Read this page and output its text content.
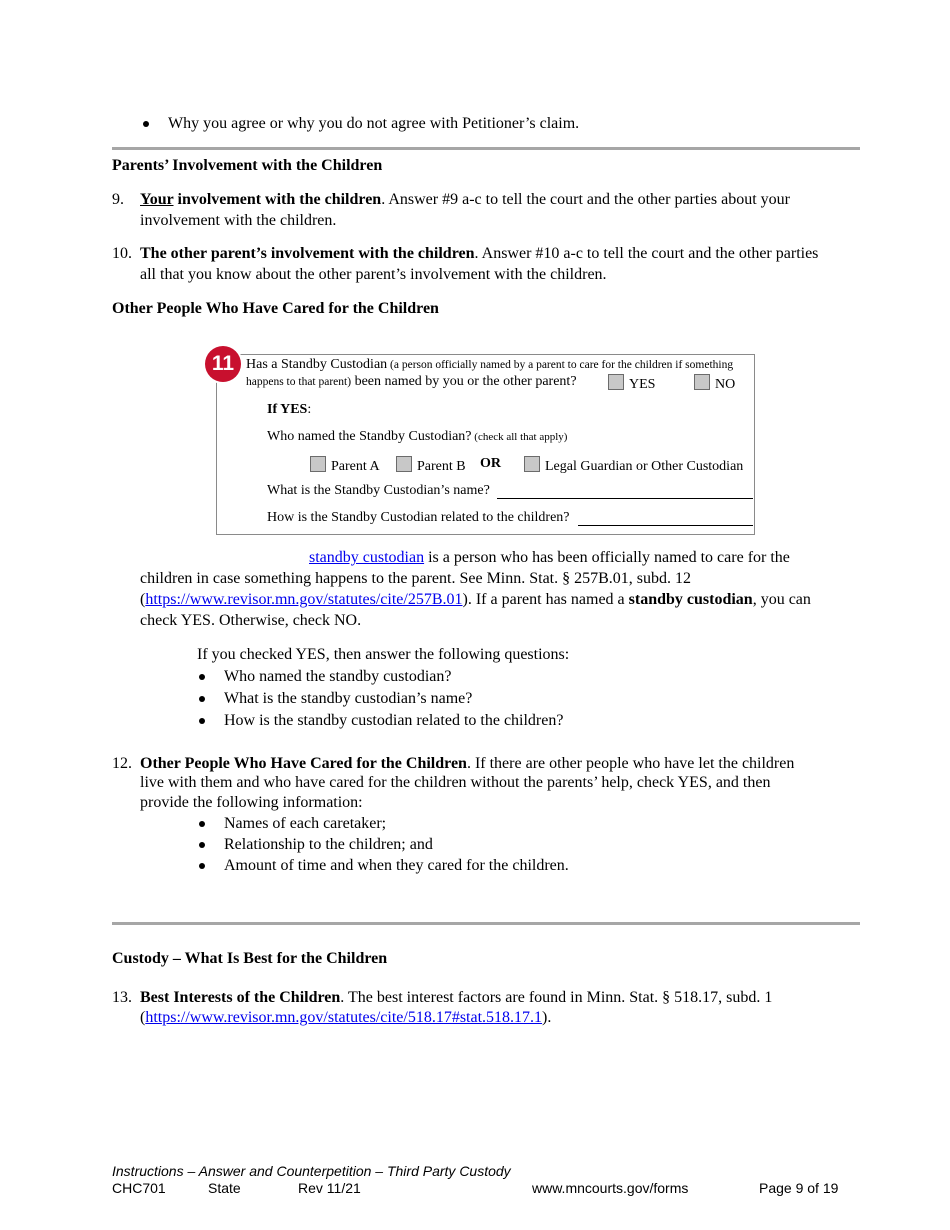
Why you agree or why you do not agree with Petitioner’s claim.
Parents’ Involvement with the Children
9. Your involvement with the children. Answer #9 a-c to tell the court and the other parties about your
involvement with the children.
10. The other parent’s involvement with the children. Answer #10 a-c to tell the court and the other parties
all that you know about the other parent’s involvement with the children.
Other People Who Have Cared for the Children
11 Has a Standby Custodian (a person officially named by a parent to care for the children if something
happens to that parent) been named by you or the other parent?	YES	NO
If YES:
Who named the Standby Custodian? (check all that apply)
Parent A	Parent B OR	Legal Guardian or Other Custodian
What is the Standby Custodian’s name?
How is the Standby Custodian related to the children?
standby custodian is a person who has been officially named to care for the
children in case something happens to the parent. See Minn. Stat. § 257B.01, subd. 12
(https://www.revisor.mn.gov/statutes/cite/257B.01). If a parent has named a standby custodian, you can
check YES. Otherwise, check NO.
If you checked YES, then answer the following questions:
Who named the standby custodian?
What is the standby custodian’s name?
How is the standby custodian related to the children?
12. Other People Who Have Cared for the Children. If there are other people who have let the children
live with them and who have cared for the children without the parents’ help, check YES, and then
provide the following information:
Names of each caretaker;
Relationship to the children; and
Amount of time and when they cared for the children.
Custody – What Is Best for the Children
13. Best Interests of the Children. The best interest factors are found in Minn. Stat. § 518.17, subd. 1
(https://www.revisor.mn.gov/statutes/cite/518.17#stat.518.17.1).
Instructions – Answer and Counterpetition – Third Party Custody
CHC701	State	Rev 11/21	www.mncourts.gov/forms	Page 9 of 19
